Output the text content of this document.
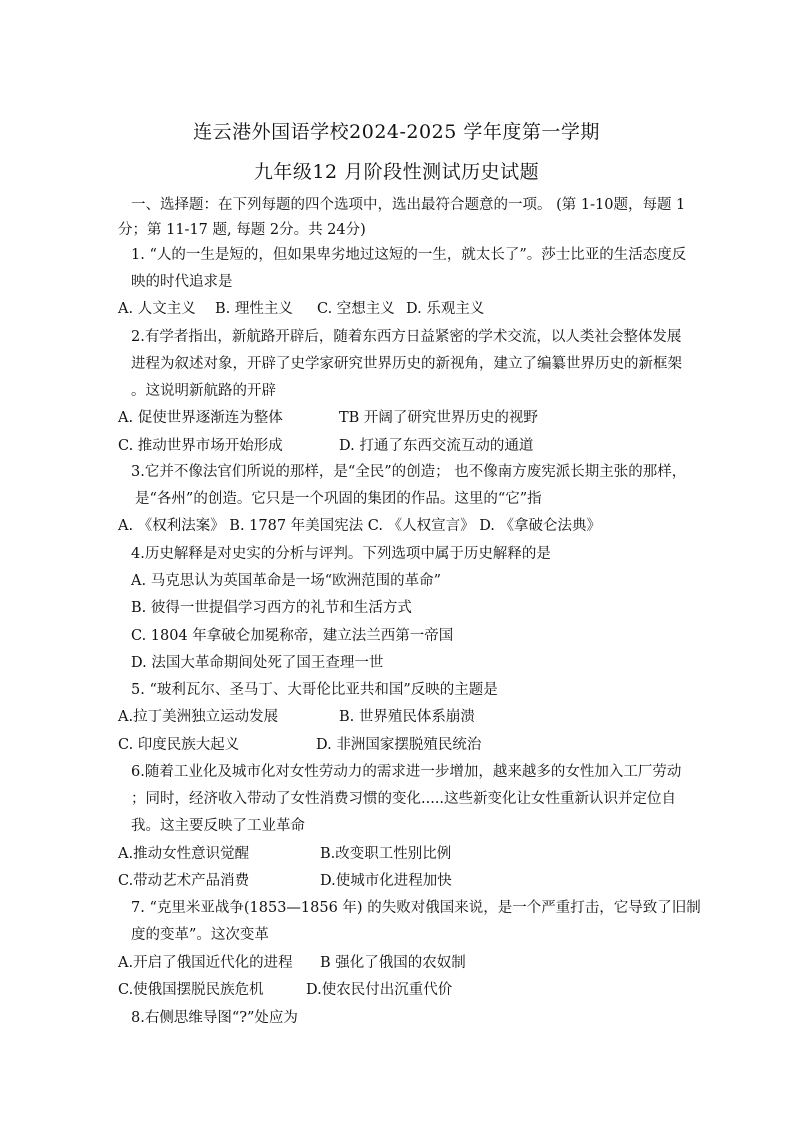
连云港外国语学校2024-2025 学年度第一学期
九年级12 月阶段性测试历史试题
一、选择题：在下列每题的四个选项中，选出最符合题意的一项。 (第 1-10题，每题 1
分；第 11-17 题, 每题 2分。共 24分)
1. “人的一生是短的，但如果卑劣地过这短的一生，就太长了”。莎士比亚的生活态度反
映的时代追求是
A. 人文主义 B. 理性主义 C. 空想主义 D. 乐观主义
2.有学者指出，新航路开辟后，随着东西方日益紧密的学术交流，以人类社会整体发展
进程为叙述对象，开辟了史学家研究世界历史的新视角，建立了编纂世界历史的新框架
。这说明新航路的开辟
A. 促使世界逐渐连为整体	TB 开阔了研究世界历史的视野
C. 推动世界市场开始形成	D. 打通了东西交流互动的通道
3.它并不像法官们所说的那样，是“全民”的创造； 也不像南方废宪派长期主张的那样，
是“各州”的创造。它只是一个巩固的集团的作品。这里的“它”指
A. 《权利法案》 B. 1787 年美国宪法 C. 《人权宣言》 D. 《拿破仑法典》
4.历史解释是对史实的分析与评判。下列选项中属于历史解释的是
A. 马克思认为英国革命是一场“欧洲范围的革命”
B. 彼得一世提倡学习西方的礼节和生活方式
C. 1804 年拿破仑加冕称帝，建立法兰西第一帝国
D. 法国大革命期间处死了国王查理一世
5. “玻利瓦尔、圣马丁、大哥伦比亚共和国”反映的主题是
A.拉丁美洲独立运动发展	B. 世界殖民体系崩溃
C. 印度民族大起义	D. 非洲国家摆脱殖民统治
6.随着工业化及城市化对女性劳动力的需求进一步增加，越来越多的女性加入工厂劳动
；同时，经济收入带动了女性消费习惯的变化.....这些新变化让女性重新认识并定位自
我。这主要反映了工业革命
A.推动女性意识觉醒	B.改变职工性别比例
C.带动艺术产品消费	D.使城市化进程加快
7. “克里米亚战争(1853—1856 年) 的失败对俄国来说，是一个严重打击，它导致了旧制
度的变革”。这次变革
A.开启了俄国近代化的进程 B 强化了俄国的农奴制
C.使俄国摆脱民族危机	D.使农民付出沉重代价
8.右侧思维导图“?”处应为
